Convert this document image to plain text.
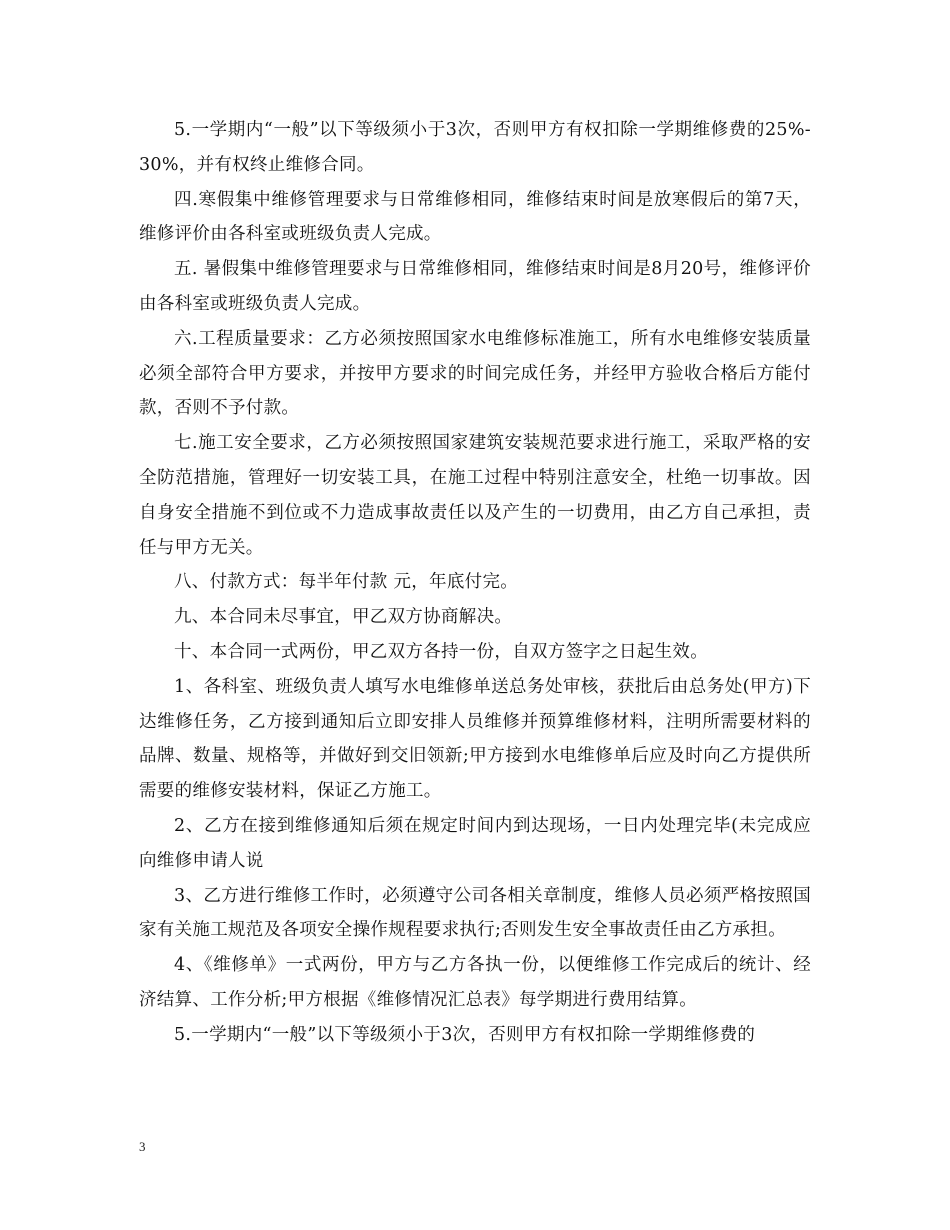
5.一学期内“一般”以下等级须小于3次，否则甲方有权扣除一学期维修费的25%-30%，并有权终止维修合同。

四.寒假集中维修管理要求与日常维修相同，维修结束时间是放寒假后的第7天，维修评价由各科室或班级负责人完成。

五. 暑假集中维修管理要求与日常维修相同，维修结束时间是8月20号，维修评价由各科室或班级负责人完成。

六.工程质量要求：乙方必须按照国家水电维修标准施工，所有水电维修安装质量必须全部符合甲方要求，并按甲方要求的时间完成任务，并经甲方验收合格后方能付款，否则不予付款。

七.施工安全要求，乙方必须按照国家建筑安装规范要求进行施工，采取严格的安全防范措施，管理好一切安装工具，在施工过程中特别注意安全，杜绝一切事故。因自身安全措施不到位或不力造成事故责任以及产生的一切费用，由乙方自己承担，责任与甲方无关。

八、付款方式：每半年付款 元，年底付完。

九、本合同未尽事宜，甲乙双方协商解决。

十、本合同一式两份，甲乙双方各持一份，自双方签字之日起生效。

1、各科室、班级负责人填写水电维修单送总务处审核，获批后由总务处(甲方)下达维修任务，乙方接到通知后立即安排人员维修并预算维修材料，注明所需要材料的品牌、数量、规格等，并做好到交旧领新;甲方接到水电维修单后应及时向乙方提供所需要的维修安装材料，保证乙方施工。

2、乙方在接到维修通知后须在规定时间内到达现场，一日内处理完毕(未完成应向维修申请人说

3、乙方进行维修工作时，必须遵守公司各相关章制度，维修人员必须严格按照国家有关施工规范及各项安全操作规程要求执行;否则发生安全事故责任由乙方承担。

4、《维修单》一式两份，甲方与乙方各执一份，以便维修工作完成后的统计、经济结算、工作分析;甲方根据《维修情况汇总表》每学期进行费用结算。

5.一学期内“一般”以下等级须小于3次，否则甲方有权扣除一学期维修费的

3
